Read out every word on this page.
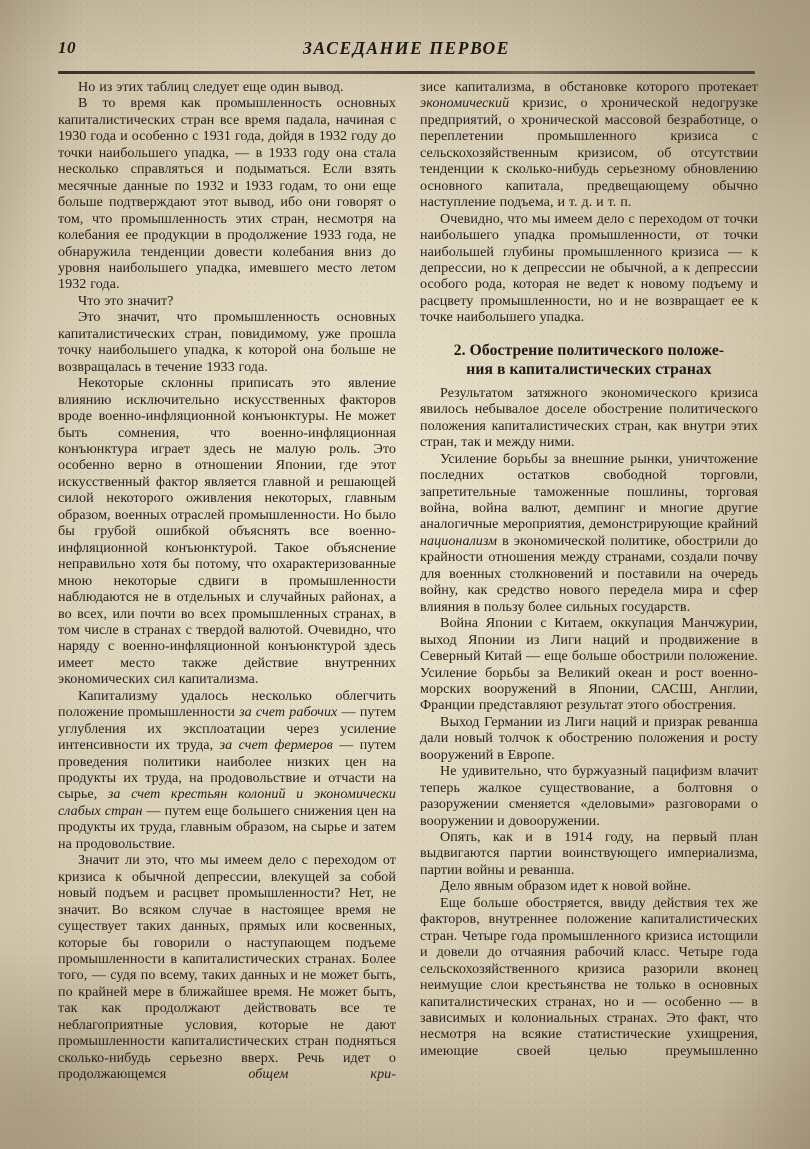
10	ЗАСЕДАНИЕ ПЕРВОЕ

Но из этих таблиц следует еще один вывод.

В то время как промышленность основных капиталистических стран все время падала, начиная с 1930 года и особенно с 1931 года, дойдя в 1932 году до точки наибольшего упадка, — в 1933 году она стала несколько справляться и подыматься. Если взять месячные данные по 1932 и 1933 годам, то они еще больше подтверждают этот вывод, ибо они говорят о том, что промышленность этих стран, несмотря на колебания ее продукции в продолжение 1933 года, не обнаружила тенденции довести колебания вниз до уровня наибольшего упадка, имевшего место летом 1932 года.

Что это значит?

Это значит, что промышленность основных капиталистических стран, повидимому, уже прошла точку наибольшего упадка, к которой она больше не возвращалась в течение 1933 года.

Некоторые склонны приписать это явление влиянию исключительно искусственных факторов вроде военно-инфляционной конъюнктуры. Не может быть сомнения, что военно-инфляционная конъюнктура играет здесь не малую роль. Это особенно верно в отношении Японии, где этот искусственный фактор является главной и решающей силой некоторого оживления некоторых, главным образом, военных отраслей промышленности. Но было бы грубой ошибкой объяснять все военно-инфляционной конъюнктурой. Такое объяснение неправильно хотя бы потому, что охарактеризованные мною некоторые сдвиги в промышленности наблюдаются не в отдельных и случайных районах, а во всех, или почти во всех промышленных странах, в том числе в странах с твердой валютой. Очевидно, что наряду с военно-инфляционной конъюнктурой здесь имеет место также действие внутренних экономических сил капитализма.

Капитализму удалось несколько облегчить положение промышленности за счет рабочих — путем углубления их эксплоатации через усиление интенсивности их труда, за счет фермеров — путем проведения политики наиболее низких цен на продукты их труда, на продовольствие и отчасти на сырье, за счет крестьян колоний и экономически слабых стран — путем еще большего снижения цен на продукты их труда, главным образом, на сырье и затем на продовольствие.

Значит ли это, что мы имеем дело с переходом от кризиса к обычной депрессии, влекущей за собой новый подъем и расцвет промышленности? Нет, не значит. Во всяком случае в настоящее время не существует таких данных, прямых или косвенных, которые бы говорили о наступающем подъеме промышленности в капиталистических странах. Более того, — судя по всему, таких данных и не может быть, по крайней мере в ближайшее время. Не может быть, так как продолжают действовать все те неблагоприятные условия, которые не дают промышленности капиталистических стран подняться сколько-нибудь серьезно вверх. Речь идет о продолжающемся общем кри-

зисе капитализма, в обстановке которого протекает экономический кризис, о хронической недогрузке предприятий, о хронической массовой безработице, о переплетении промышленного кризиса с сельскохозяйственным кризисом, об отсутствии тенденции к сколько-нибудь серьезному обновлению основного капитала, предвещающему обычно наступление подъема, и т. д. и т. п.

Очевидно, что мы имеем дело с переходом от точки наибольшего упадка промышленности, от точки наибольшей глубины промышленного кризиса — к депрессии, но к депрессии не обычной, а к депрессии особого рода, которая не ведет к новому подъему и расцвету промышленности, но и не возвращает ее к точке наибольшего упадка.

2. Обострение политического положе-
ния в капиталистических странах

Результатом затяжного экономического кризиса явилось небывалое доселе обострение политического положения капиталистических стран, как внутри этих стран, так и между ними.

Усиление борьбы за внешние рынки, уничтожение последних остатков свободной торговли, запретительные таможенные пошлины, торговая война, война валют, демпинг и многие другие аналогичные мероприятия, демонстрирующие крайний национализм в экономической политике, обострили до крайности отношения между странами, создали почву для военных столкновений и поставили на очередь войну, как средство нового передела мира и сфер влияния в пользу более сильных государств.

Война Японии с Китаем, оккупация Манчжурии, выход Японии из Лиги наций и продвижение в Северный Китай — еще больше обострили положение. Усиление борьбы за Великий океан и рост военно-морских вооружений в Японии, САСШ, Англии, Франции представляют результат этого обострения.

Выход Германии из Лиги наций и призрак реванша дали новый толчок к обострению положения и росту вооружений в Европе.

Не удивительно, что буржуазный пацифизм влачит теперь жалкое существование, а болтовня о разоружении сменяется «деловыми» разговорами о вооружении и довооружении.

Опять, как и в 1914 году, на первый план выдвигаются партии воинствующего империализма, партии войны и реванша.

Дело явным образом идет к новой войне.

Еще больше обостряется, ввиду действия тех же факторов, внутреннее положение капиталистических стран. Четыре года промышленного кризиса истощили и довели до отчаяния рабочий класс. Четыре года сельскохозяйственного кризиса разорили вконец неимущие слои крестьянства не только в основных капиталистических странах, но и — особенно — в зависимых и колониальных странах. Это факт, что несмотря на всякие статистические ухищрения, имеющие своей целью преумышленно
